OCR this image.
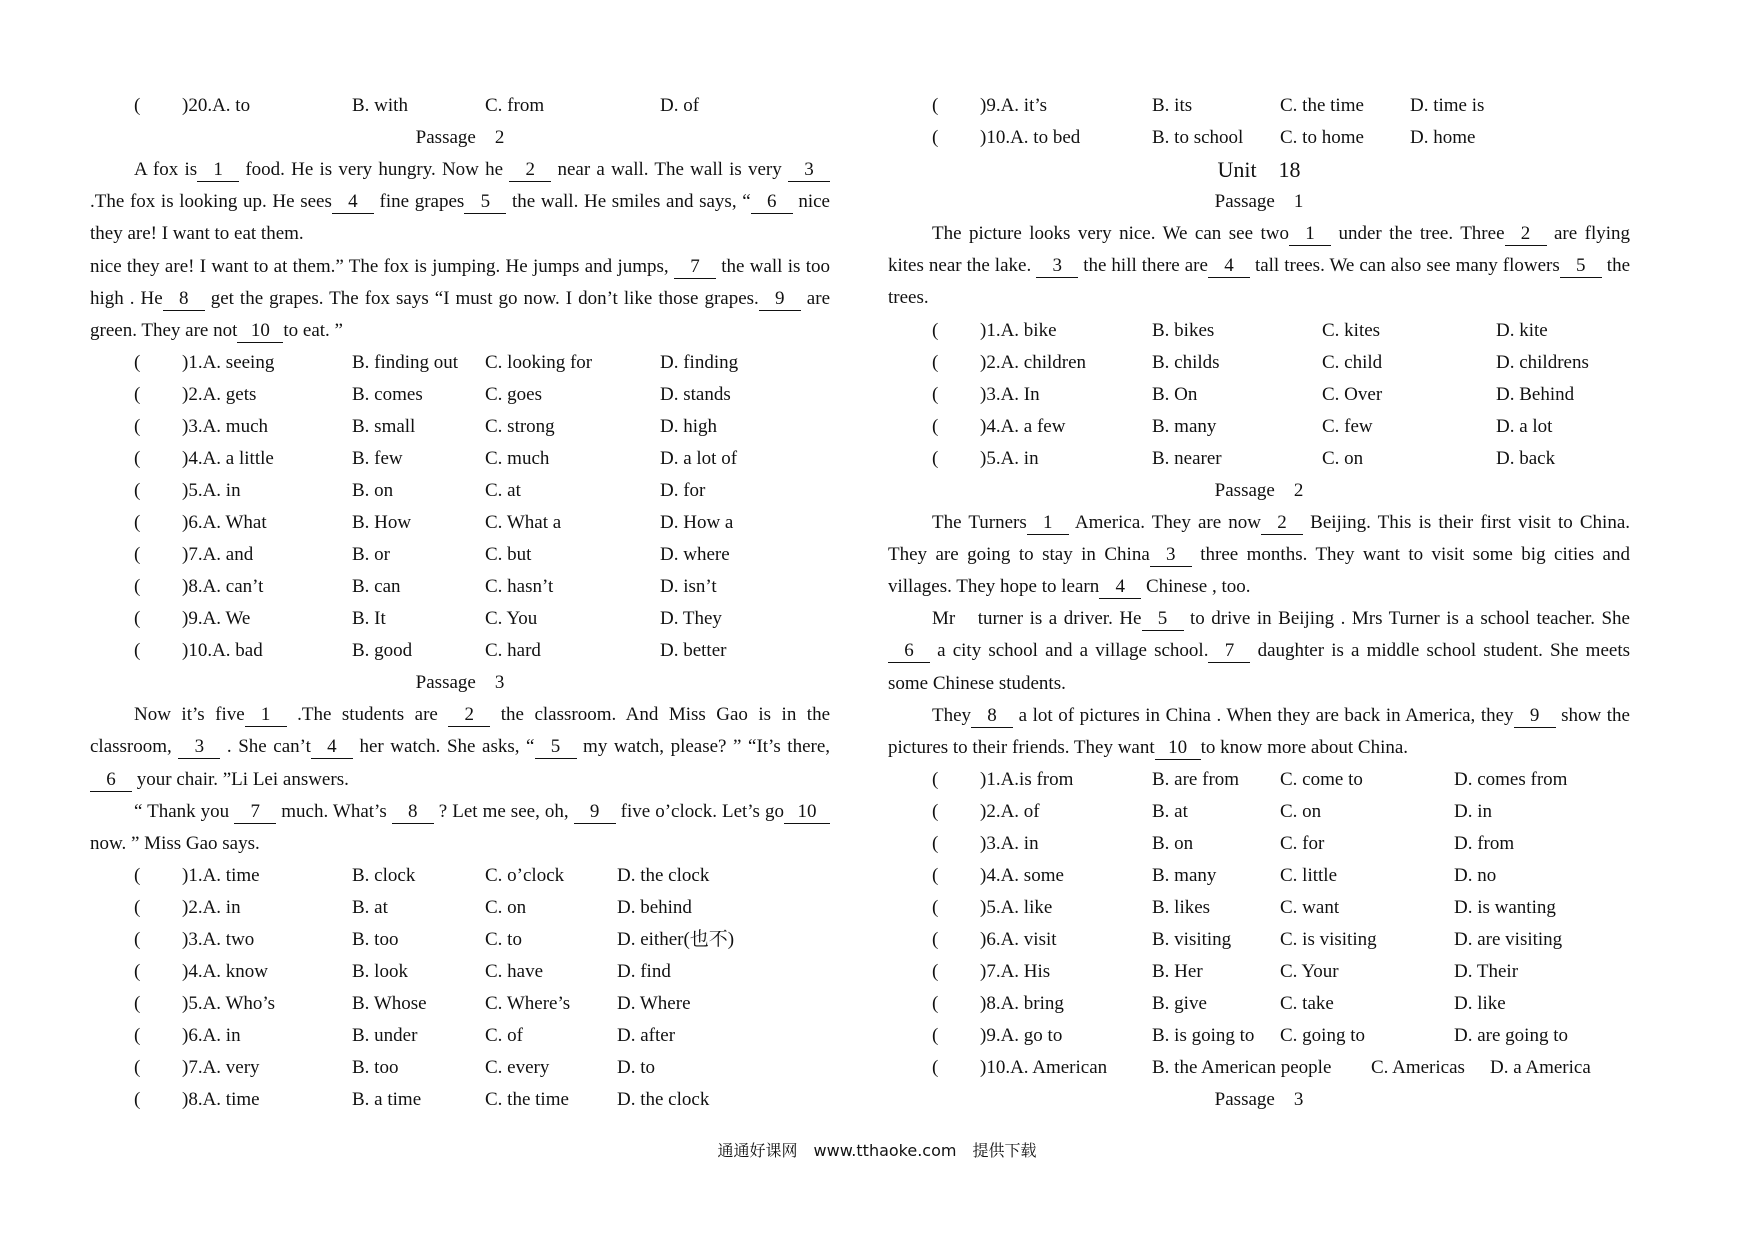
( )20.A. to	B. with	C. from	D. of
Passage　2

A fox is 1 food. He is very hungry. Now he 2 near a wall. The wall is very 3 .The fox is looking up. He sees 4 fine grapes 5 the wall. He smiles and says, “ 6 nice they are! I want to eat them.

nice they are! I want to at them.” The fox is jumping. He jumps and jumps, 7 the wall is too high . He 8 get the grapes. The fox says “I must go now. I don’t like those grapes. 9 are green. They are not 10 to eat. ”

( )1.A. seeing	B. finding out C. looking for	D. finding
( )2.A. gets	B. comes	C. goes	D. stands
( )3.A. much	B. small	C. strong	D. high
( )4.A. a little	B. few	C. much	D. a lot of
( )5.A. in	B. on	C. at	D. for
( )6.A. What	B. How	C. What a	D. How a
( )7.A. and	B. or	C. but	D. where
( )8.A. can’t	B. can	C. hasn’t	D. isn’t
( )9.A. We	B. It	C. You	D. They
( )10.A. bad	B. good	C. hard	D. better
Passage　3

Now it’s five 1 .The students are 2 the classroom. And Miss Gao is in the classroom, 3 . She can’t 4 her watch. She asks, “ 5 my watch, please? ” “It’s there, 6 your chair. ”Li Lei answers.

“ Thank you 7 much. What’s 8 ? Let me see, oh, 9 five o’clock. Let’s go 10now. ” Miss Gao says.

( )1.A. time	B. clock	C. o’clock	D. the clock
( )2.A. in	B. at	C. on	D. behind
( )3.A. two	B. too	C. to	D. either(也不)
( )4.A. know	B. look	C. have	D. find
( )5.A. Who’s	B. Whose	C. Where’s D. Where
( )6.A. in	B. under	C. of	D. after
( )7.A. very	B. too	C. every	D. to
( )8.A. time	B. a time	C. the time	D. the clock
( )9.A. it’s	B. its	C. the time D. time is
( )10.A. to bed	B. to school C. to home D. home
Unit　18
Passage　1

The picture looks very nice. We can see two 1 under the tree. Three 2 are flying kites near the lake. 3 the hill there are 4 tall trees. We can also see many flowers 5 the trees.

( )1.A. bike	B. bikes	C. kites	D. kite
( )2.A. children	B. childs	C. child	D. childrens
( )3.A. In	B. On	C. Over	D. Behind
( )4.A. a few	B. many	C. few	D. a lot
( )5.A. in	B. nearer	C. on	D. back
Passage　2

The Turners 1 America. They are now 2 Beijing. This is their first visit to China. They are going to stay in China 3 three months. They want to visit some big cities and villages. They hope to learn 4 Chinese , too.

Mr　turner is a driver. He 5 to drive in Beijing . Mrs Turner is a school teacher. She6 a city school and a village school. 7 daughter is a middle school student. She meets some Chinese students.

They 8 a lot of pictures in China . When they are back in America, they 9 show the pictures to their friends. They want 10 to know more about China.

( )1.A.is from	B. are from C. come to	D. comes from
( )2.A. of	B. at	C. on	D. in
( )3.A. in	B. on	C. for	D. from
( )4.A. some	B. many	C. little	D. no
( )5.A. like	B. likes	C. want	D. is wanting
( )6.A. visit	B. visiting	C. is visiting	D. are visiting
( )7.A. His	B. Her	C. Your	D. Their
( )8.A. bring	B. give	C. take	D. like
( )9.A. go to	B. is going to C. going to	D. are going to
( )10.A. American B. the American people C. Americas D. a America
Passage　3
通通好课网　www.tthaoke.com　提供下载
